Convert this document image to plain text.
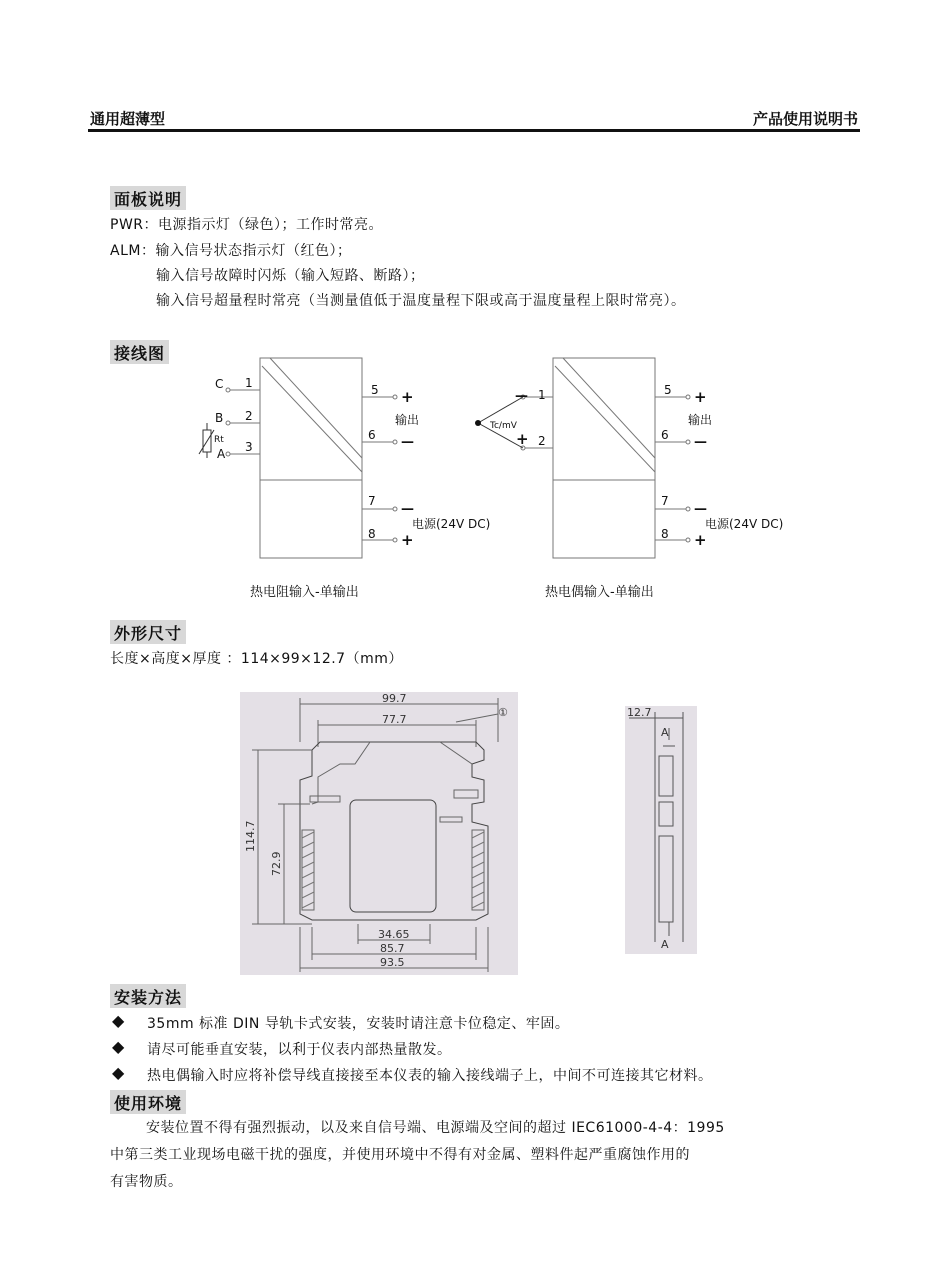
通用超薄型	产品使用说明书
面板说明
PWR：电源指示灯（绿色）；工作时常亮。
ALM：输入信号状态指示灯（红色）；
输入信号故障时闪烁（输入短路、断路）；
输入信号超量程时常亮（当测量值低于温度量程下限或高于温度量程上限时常亮）。
接线图
C
B
A
Rt
1
2
3
5
6
7
8
+
—
输出
—
+
电源(24V DC)
热电阻输入-单输出
Tc/mV
—
+
1
2
5
6
7
8
+
—
输出
—
+
电源(24V DC)
热电偶输入-单输出
外形尺寸
长度×高度×厚度 ：114×99×12.7（mm）
99.7
77.7
34.65
85.7
93.5
①
114.7
72.9
12.7
A
A
安装方法
◆ 35mm 标准 DIN 导轨卡式安装，安装时请注意卡位稳定、牢固。
◆ 请尽可能垂直安装，以利于仪表内部热量散发。
◆ 热电偶输入时应将补偿导线直接接至本仪表的输入接线端子上，中间不可连接其它材料。
使用环境
安装位置不得有强烈振动，以及来自信号端、电源端及空间的超过 IEC61000-4-4：1995
中第三类工业现场电磁干扰的强度，并使用环境中不得有对金属、塑料件起严重腐蚀作用的
有害物质。
